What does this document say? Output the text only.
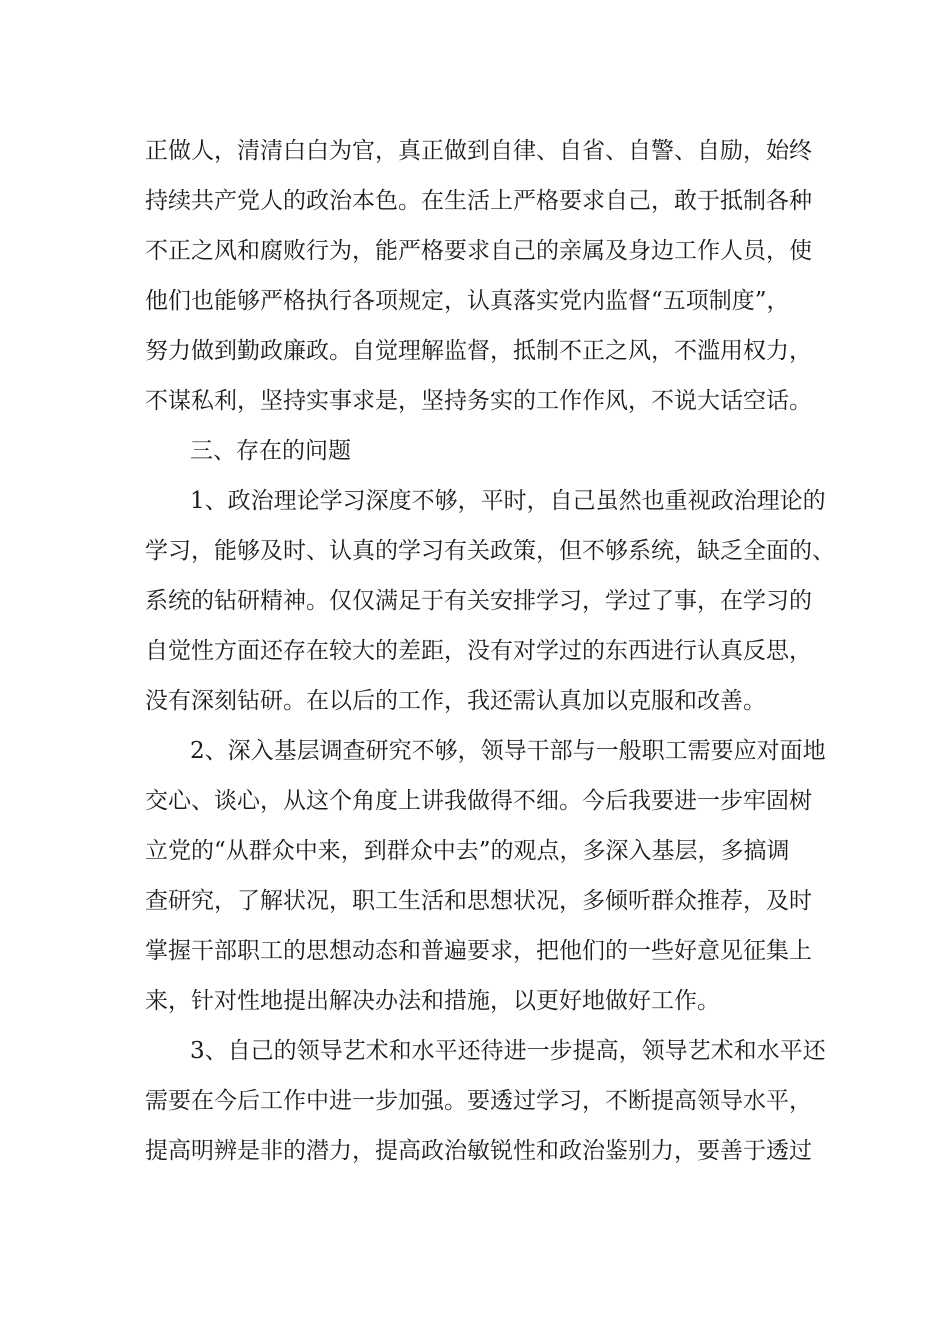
正做人，清清白白为官，真正做到自律、自省、自警、自励，始终
持续共产党人的政治本色。在生活上严格要求自己，敢于抵制各种
不正之风和腐败行为，能严格要求自己的亲属及身边工作人员，使
他们也能够严格执行各项规定，认真落实党内监督“五项制度”，
努力做到勤政廉政。自觉理解监督，抵制不正之风，不滥用权力，
不谋私利，坚持实事求是，坚持务实的工作作风，不说大话空话。
三、存在的问题
1、政治理论学习深度不够，平时，自己虽然也重视政治理论的
学习，能够及时、认真的学习有关政策，但不够系统，缺乏全面的、
系统的钻研精神。仅仅满足于有关安排学习，学过了事，在学习的
自觉性方面还存在较大的差距，没有对学过的东西进行认真反思，
没有深刻钻研。在以后的工作，我还需认真加以克服和改善。
2、深入基层调查研究不够，领导干部与一般职工需要应对面地
交心、谈心，从这个角度上讲我做得不细。今后我要进一步牢固树
立党的“从群众中来，到群众中去”的观点，多深入基层，多搞调
查研究，了解状况，职工生活和思想状况，多倾听群众推荐，及时
掌握干部职工的思想动态和普遍要求，把他们的一些好意见征集上
来，针对性地提出解决办法和措施，以更好地做好工作。
3、自己的领导艺术和水平还待进一步提高，领导艺术和水平还
需要在今后工作中进一步加强。要透过学习，不断提高领导水平，
提高明辨是非的潜力，提高政治敏锐性和政治鉴别力，要善于透过
